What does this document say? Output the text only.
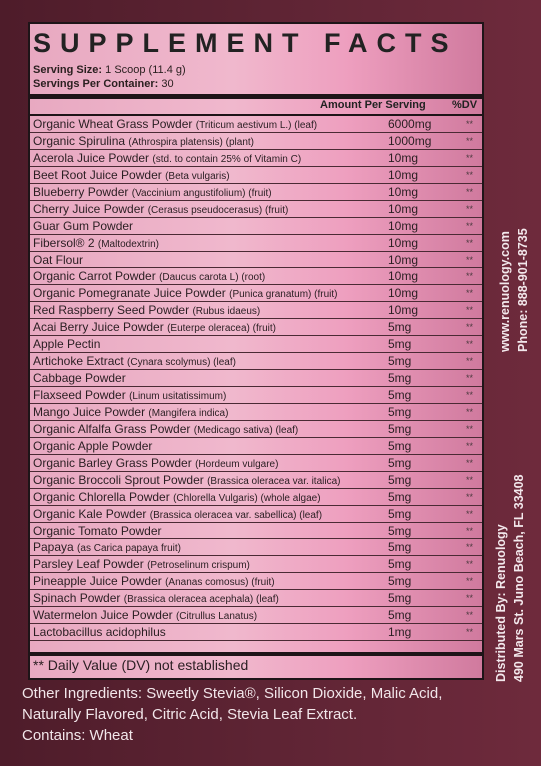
SUPPLEMENT FACTS
Serving Size: 1 Scoop (11.4 g)
Servings Per Container: 30
Amount Per Serving %DV
Organic Wheat Grass Powder (Triticum aestivum L.) (leaf)	6000mg	**
Organic Spirulina (Athrospira platensis) (plant)	1000mg	**
Acerola Juice Powder (std. to contain 25% of Vitamin C)	10mg	**
Beet Root Juice Powder (Beta vulgaris)	10mg	**
Blueberry Powder (Vaccinium angustifolium) (fruit)	10mg	**
Cherry Juice Powder (Cerasus pseudocerasus) (fruit)	10mg	**
Guar Gum Powder	10mg	**
Fibersol® 2 (Maltodextrin)	10mg	**
Oat Flour	10mg	**
Organic Carrot Powder (Daucus carota L) (root)	10mg	**
Organic Pomegranate Juice Powder (Punica granatum) (fruit)	10mg	**
Red Raspberry Seed Powder (Rubus idaeus)	10mg	**
Acai Berry Juice Powder (Euterpe oleracea) (fruit)	5mg	**
Apple Pectin	5mg	**
Artichoke Extract (Cynara scolymus) (leaf)	5mg	**
Cabbage Powder	5mg	**
Flaxseed Powder (Linum usitatissimum)	5mg	**
Mango Juice Powder (Mangifera indica)	5mg	**
Organic Alfalfa Grass Powder (Medicago sativa) (leaf)	5mg	**
Organic Apple Powder	5mg	**
Organic Barley Grass Powder (Hordeum vulgare)	5mg	**
Organic Broccoli Sprout Powder (Brassica oleracea var. italica)	5mg	**
Organic Chlorella Powder (Chlorella Vulgaris) (whole algae)	5mg	**
Organic Kale Powder (Brassica oleracea var. sabellica) (leaf)	5mg	**
Organic Tomato Powder	5mg	**
Papaya (as Carica papaya fruit)	5mg	**
Parsley Leaf Powder (Petroselinum crispum)	5mg	**
Pineapple Juice Powder (Ananas comosus) (fruit)	5mg	**
Spinach Powder (Brassica oleracea acephala) (leaf)	5mg	**
Watermelon Juice Powder (Citrullus Lanatus)	5mg	**
Lactobacillus acidophilus	1mg	**
** Daily Value (DV) not established
Other Ingredients: Sweetly Stevia®, Silicon Dioxide, Malic Acid, Naturally Flavored, Citric Acid, Stevia Leaf Extract.
Contains: Wheat
Distributed By: Renuology 490 Mars St. Juno Beach, FL 33408
www.renuology.com Phone: 888-901-8735
